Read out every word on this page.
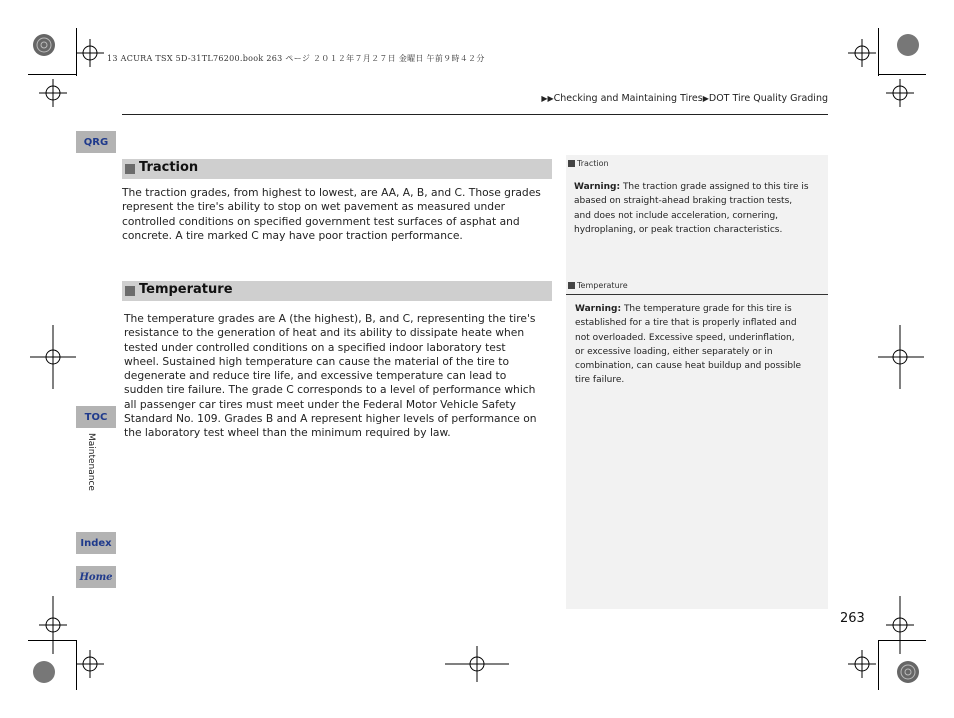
13 ACURA TSX 5D-31TL76200.book 263 ページ ２０１２年７月２７日 金曜日 午前９時４２分
▶▶Checking and Maintaining Tires▶DOT Tire Quality Grading
QRG
TOC
Maintenance
Index
Home
Traction
The traction grades, from highest to lowest, are AA, A, B, and C. Those grades
represent the tire's ability to stop on wet pavement as measured under
controlled conditions on specified government test surfaces of asphat and
concrete. A tire marked C may have poor traction performance.
Temperature
The temperature grades are A (the highest), B, and C, representing the tire's
resistance to the generation of heat and its ability to dissipate heate when
tested under controlled conditions on a specified indoor laboratory test
wheel. Sustained high temperature can cause the material of the tire to
degenerate and reduce tire life, and excessive temperature can lead to
sudden tire failure. The grade C corresponds to a level of performance which
all passenger car tires must meet under the Federal Motor Vehicle Safety
Standard No. 109. Grades B and A represent higher levels of performance on
the laboratory test wheel than the minimum required by law.
Traction
Warning: The traction grade assigned to this tire is
abased on straight-ahead braking traction tests,
and does not include acceleration, cornering,
hydroplaning, or peak traction characteristics.
Temperature
Warning: The temperature grade for this tire is
established for a tire that is properly inflated and
not overloaded. Excessive speed, underinflation,
or excessive loading, either separately or in
combination, can cause heat buildup and possible
tire failure.
263
